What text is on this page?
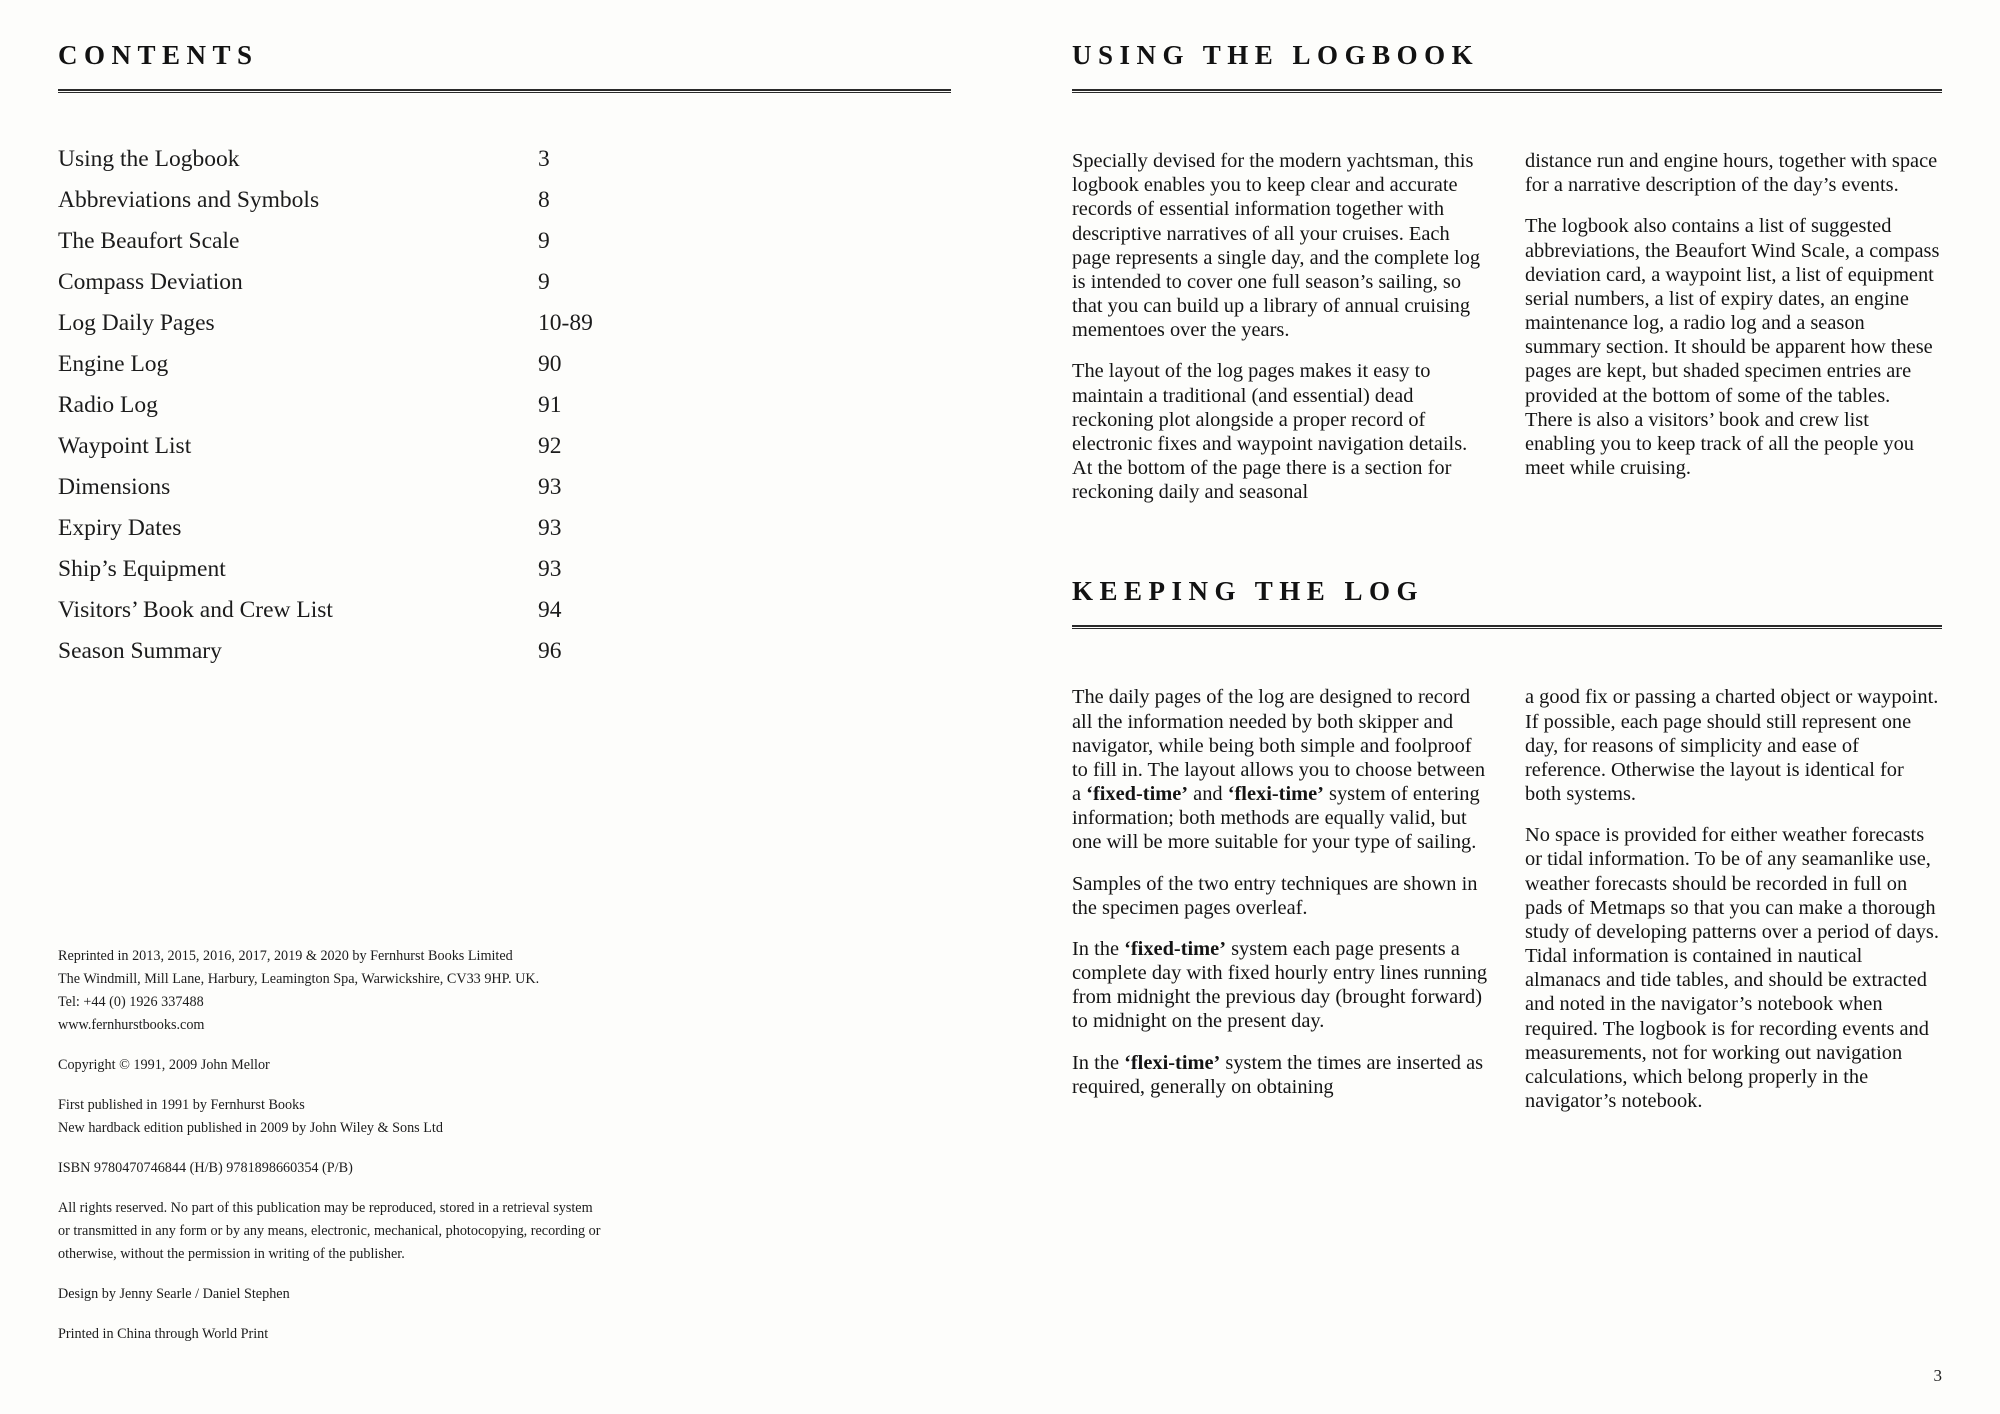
CONTENTS
Using the Logbook	3
Abbreviations and Symbols	8
The Beaufort Scale	9
Compass Deviation	9
Log Daily Pages	10-89
Engine Log	90
Radio Log	91
Waypoint List	92
Dimensions	93
Expiry Dates	93
Ship’s Equipment	93
Visitors’ Book and Crew List	94
Season Summary	96

Reprinted in 2013, 2015, 2016, 2017, 2019 & 2020 by Fernhurst Books Limited

The Windmill, Mill Lane, Harbury, Leamington Spa, Warwickshire, CV33 9HP. UK.

Tel: +44 (0) 1926 337488

www.fernhurstbooks.com

Copyright © 1991, 2009 John Mellor

First published in 1991 by Fernhurst Books

New hardback edition published in 2009 by John Wiley & Sons Ltd

ISBN 9780470746844 (H/B) 9781898660354 (P/B)

All rights reserved. No part of this publication may be reproduced, stored in a retrieval system

or transmitted in any form or by any means, electronic, mechanical, photocopying, recording or

otherwise, without the permission in writing of the publisher.

Design by Jenny Searle / Daniel Stephen

Printed in China through World Print

USING THE LOGBOOK

Specially devised for the modern yachtsman, this logbook enables you to keep clear and accurate records of essential information together with descriptive narratives of all your cruises. Each page represents a single day, and the complete log is intended to cover one full season’s sailing, so that you can build up a library of annual cruising mementoes over the years.

The layout of the log pages makes it easy to maintain a traditional (and essential) dead reckoning plot alongside a proper record of electronic fixes and waypoint navigation details. At the bottom of the page there is a section for reckoning daily and seasonal

distance run and engine hours, together with space for a narrative description of the day’s events.

The logbook also contains a list of suggested abbreviations, the Beaufort Wind Scale, a compass deviation card, a waypoint list, a list of equipment serial numbers, a list of expiry dates, an engine maintenance log, a radio log and a season summary section. It should be apparent how these pages are kept, but shaded specimen entries are provided at the bottom of some of the tables. There is also a visitors’ book and crew list enabling you to keep track of all the people you meet while cruising.

KEEPING THE LOG

The daily pages of the log are designed to record all the information needed by both skipper and navigator, while being both simple and foolproof to fill in. The layout allows you to choose between a ‘fixed-time’ and ‘flexi-time’ system of entering information; both methods are equally valid, but one will be more suitable for your type of sailing.

Samples of the two entry techniques are shown in the specimen pages overleaf.

In the ‘fixed-time’ system each page presents a complete day with fixed hourly entry lines running from midnight the previous day (brought forward) to midnight on the present day.

In the ‘flexi-time’ system the times are inserted as required, generally on obtaining

a good fix or passing a charted object or waypoint. If possible, each page should still represent one day, for reasons of simplicity and ease of reference. Otherwise the layout is identical for both systems.

No space is provided for either weather forecasts or tidal information. To be of any seamanlike use, weather forecasts should be recorded in full on pads of Metmaps so that you can make a thorough study of developing patterns over a period of days. Tidal information is contained in nautical almanacs and tide tables, and should be extracted and noted in the navigator’s notebook when required. The logbook is for recording events and measurements, not for working out navigation calculations, which belong properly in the navigator’s notebook.

3
